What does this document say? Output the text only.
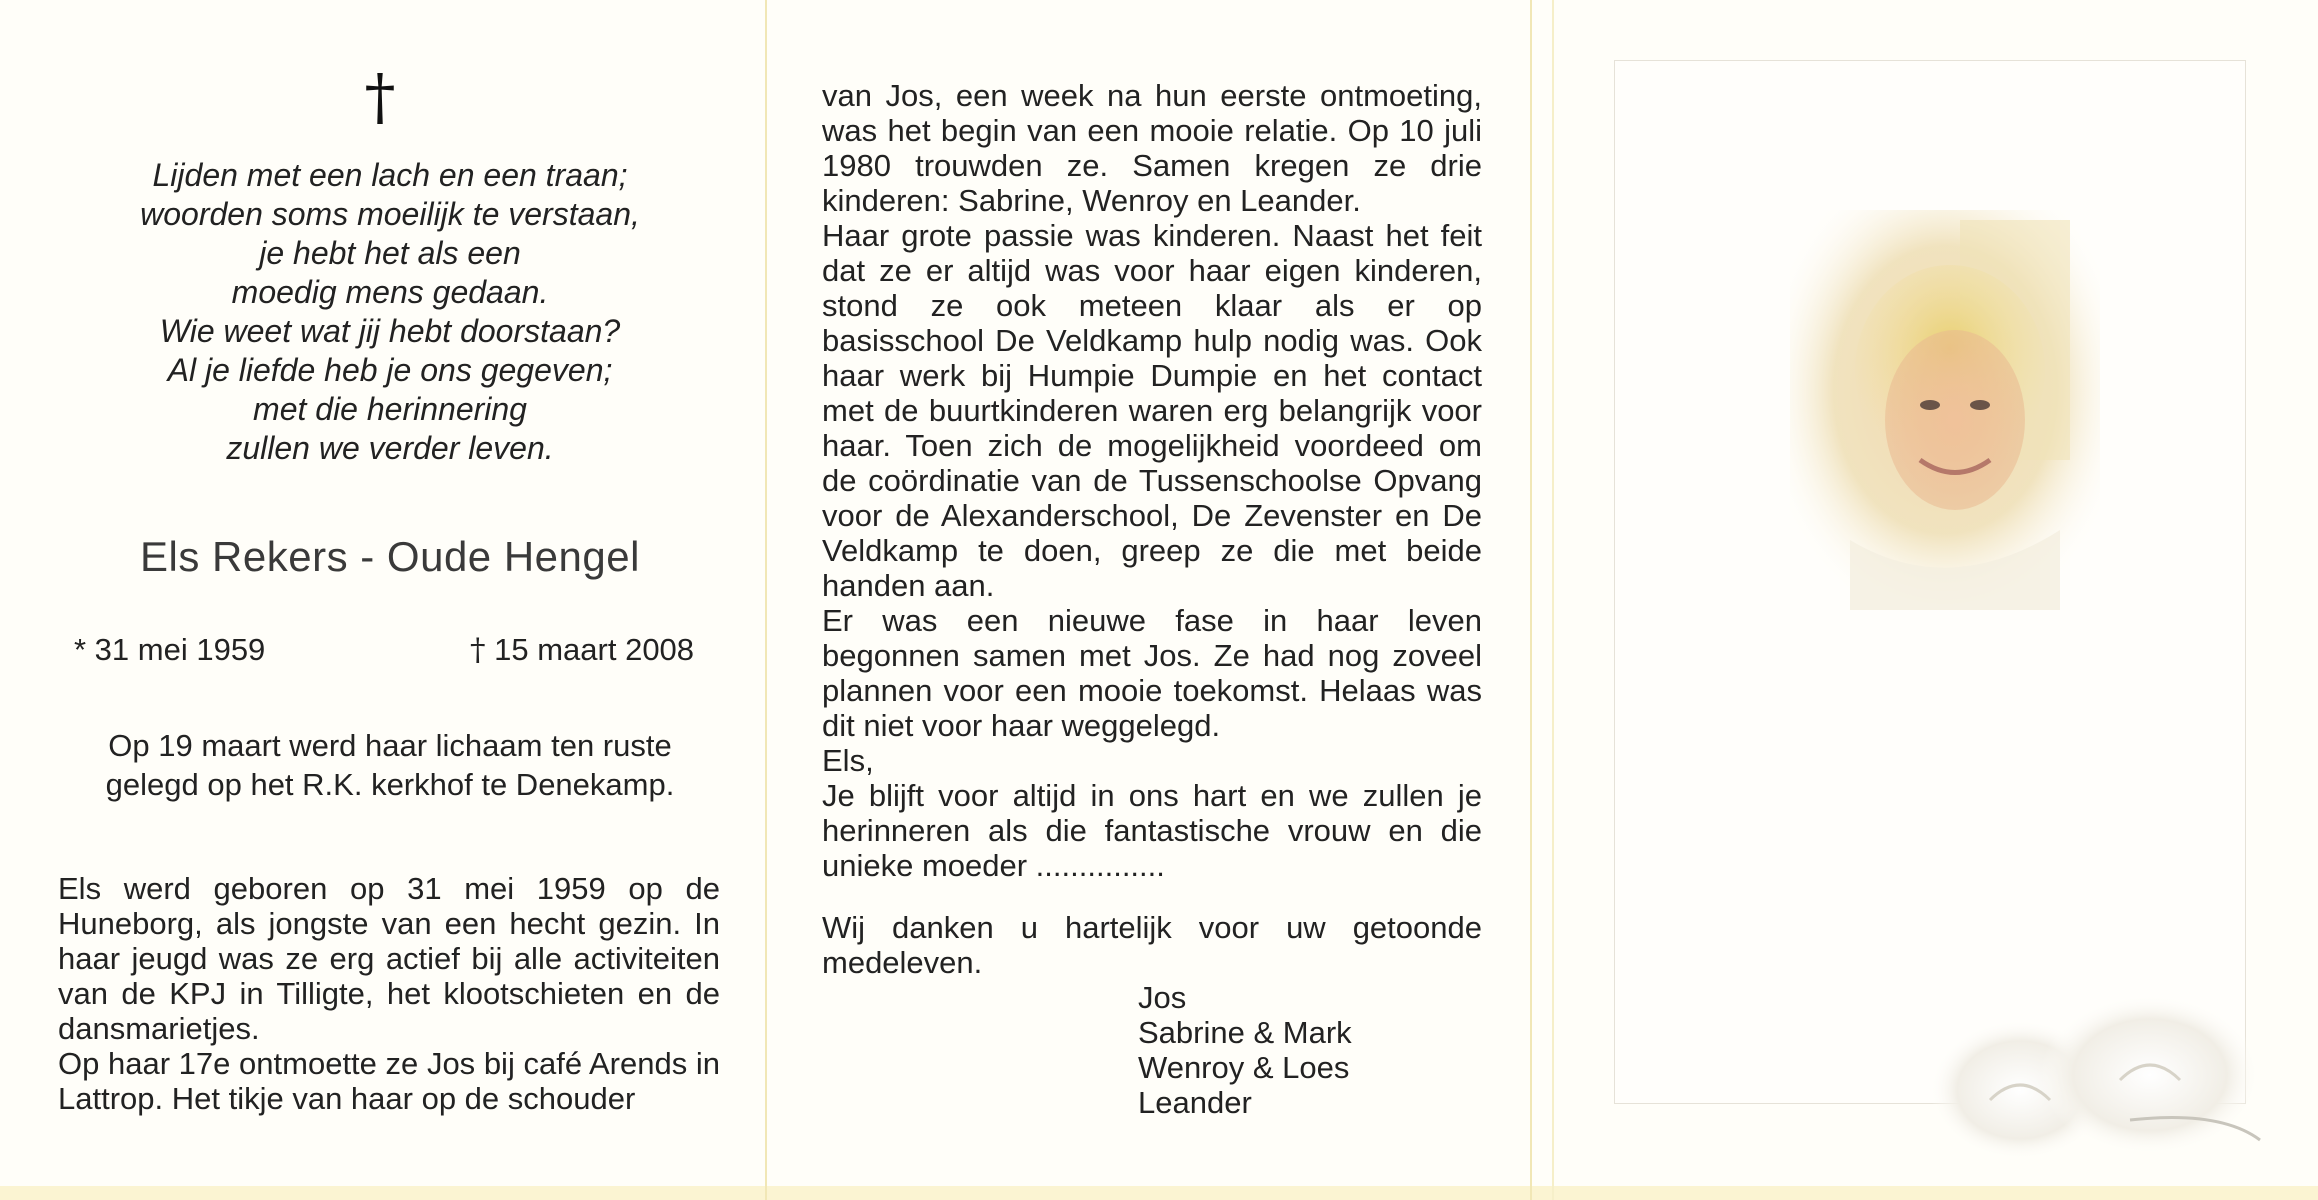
†
Lijden met een lach en een traan;
woorden soms moeilijk te verstaan,
je hebt het als een
moedig mens gedaan.
Wie weet wat jij hebt doorstaan?
Al je liefde heb je ons gegeven;
met die herinnering
zullen we verder leven.
Els Rekers - Oude Hengel
* 31 mei 1959	† 15 maart 2008
Op 19 maart werd haar lichaam ten ruste
gelegd op het R.K. kerkhof te Denekamp.

Els werd geboren op 31 mei 1959 op de Huneborg, als jongste van een hecht gezin. In haar jeugd was ze erg actief bij alle activiteiten van de KPJ in Tilligte, het klootschieten en de dansmarietjes.

Op haar 17e ontmoette ze Jos bij café Arends in Lattrop. Het tikje van haar op de schouder

van Jos, een week na hun eerste ontmoeting, was het begin van een mooie relatie. Op 10 juli 1980 trouwden ze. Samen kregen ze drie kinderen: Sabrine, Wenroy en Leander.

Haar grote passie was kinderen. Naast het feit dat ze er altijd was voor haar eigen kinderen, stond ze ook meteen klaar als er op basisschool De Veldkamp hulp nodig was. Ook haar werk bij Humpie Dumpie en het contact met de buurtkinderen waren erg belangrijk voor haar. Toen zich de mogelijkheid voordeed om de coördinatie van de Tussenschoolse Opvang voor de Alexanderschool, De Zevenster en De Veldkamp te doen, greep ze die met beide handen aan.

Er was een nieuwe fase in haar leven begonnen samen met Jos. Ze had nog zoveel plannen voor een mooie toekomst. Helaas was dit niet voor haar weggelegd.

Els,

Je blijft voor altijd in ons hart en we zullen je herinneren als die fantastische vrouw en die unieke moeder ...............

Wij danken u hartelijk voor uw getoonde medeleven.
Jos
Sabrine & Mark
Wenroy & Loes
Leander
